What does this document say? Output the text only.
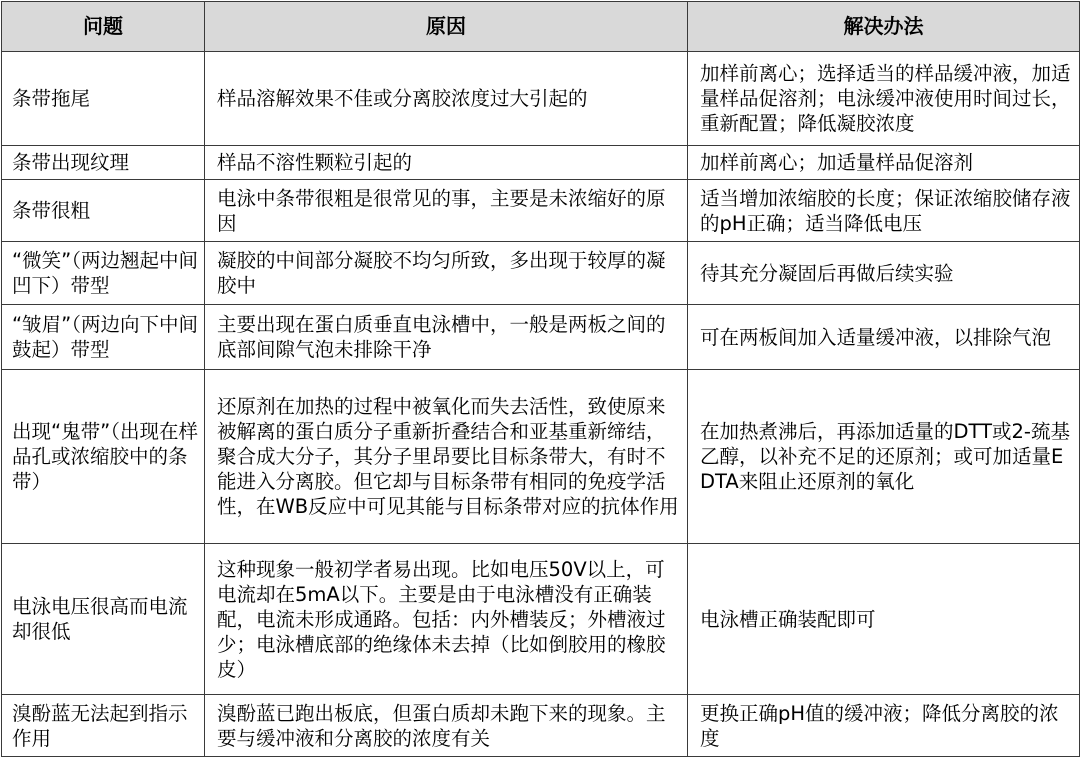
问题	原因	解决办法
条带拖尾	样品溶解效果不佳或分离胶浓度过大引起的	加样前离心；选择适当的样品缓冲液，加适量样品促溶剂；电泳缓冲液使用时间过长，重新配置；降低凝胶浓度
条带出现纹理	样品不溶性颗粒引起的	加样前离心；加适量样品促溶剂
条带很粗	电泳中条带很粗是很常见的事，主要是未浓缩好的原因	适当增加浓缩胶的长度；保证浓缩胶储存液的pH正确；适当降低电压
“微笑”（两边翘起中间凹下）带型	凝胶的中间部分凝胶不均匀所致，多出现于较厚的凝胶中	待其充分凝固后再做后续实验
“皱眉”（两边向下中间鼓起）带型	主要出现在蛋白质垂直电泳槽中，一般是两板之间的底部间隙气泡未排除干净	可在两板间加入适量缓冲液，以排除气泡
出现“鬼带”（出现在样品孔或浓缩胶中的条带）	还原剂在加热的过程中被氧化而失去活性，致使原来被解离的蛋白质分子重新折叠结合和亚基重新缔结，聚合成大分子，其分子里昂要比目标条带大，有时不能进入分离胶。但它却与目标条带有相同的免疫学活性，在WB反应中可见其能与目标条带对应的抗体作用	在加热煮沸后，再添加适量的DTT或2-巯基乙醇，以补充不足的还原剂；或可加适量EDTA来阻止还原剂的氧化
电泳电压很高而电流却很低	这种现象一般初学者易出现。比如电压50V以上，可电流却在5mA以下。主要是由于电泳槽没有正确装配，电流未形成通路。包括：内外槽装反；外槽液过少；电泳槽底部的绝缘体未去掉（比如倒胶用的橡胶皮）	电泳槽正确装配即可
溴酚蓝无法起到指示作用	溴酚蓝已跑出板底，但蛋白质却未跑下来的现象。主要与缓冲液和分离胶的浓度有关	更换正确pH值的缓冲液；降低分离胶的浓度
